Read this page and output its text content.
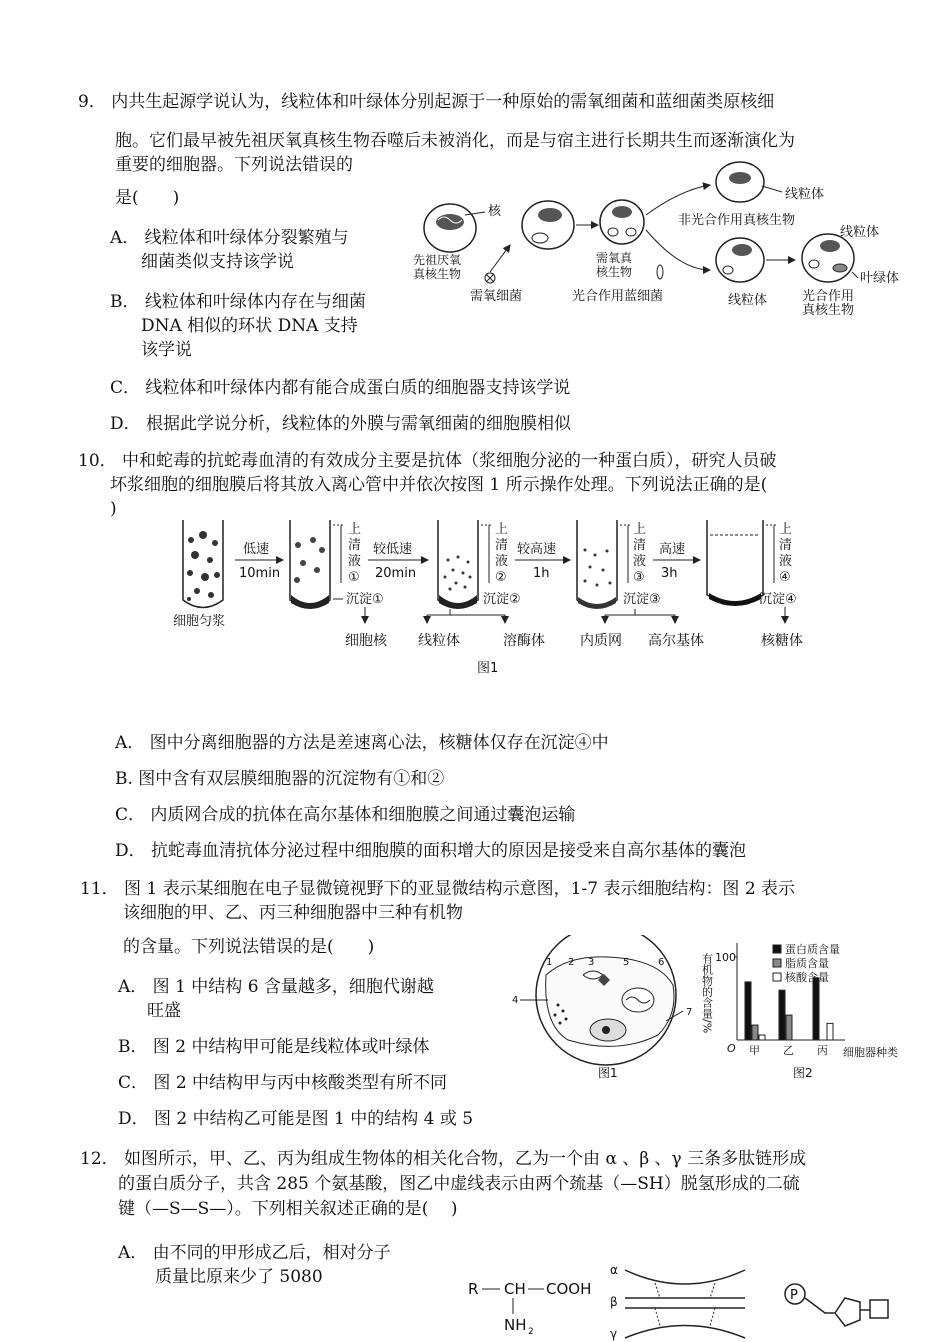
9． 内共生起源学说认为，线粒体和叶绿体分别起源于一种原始的需氧细菌和蓝细菌类原核细
胞。它们最早被先祖厌氧真核生物吞噬后未被消化，而是与宿主进行长期共生而逐渐演化为
重要的细胞器。下列说法错误的
是(　　)
A． 线粒体和叶绿体分裂繁殖与
细菌类似支持该学说
B． 线粒体和叶绿体内存在与细菌
DNA 相似的环状 DNA 支持
该学说
C． 线粒体和叶绿体内都有能合成蛋白质的细胞器支持该学说
D． 根据此学说分析，线粒体的外膜与需氧细菌的细胞膜相似
核
先祖厌氧
真核生物
需氧细菌
需氧真
核生物
线粒体
非光合作用真核生物
光合作用蓝细菌	线粒体
线粒体
叶绿体
光合作用
真核生物
10． 中和蛇毒的抗蛇毒血清的有效成分主要是抗体（浆细胞分泌的一种蛋白质），研究人员破
坏浆细胞的细胞膜后将其放入离心管中并依次按图 1 所示操作处理。下列说法正确的是(
)
细胞匀浆
低速
10min
上
清
液
①
沉淀①
较低速
20min
上
清
液
②
沉淀②
较高速
1h
上
清
液
③
沉淀③
高速
3h
上
清
液
④
沉淀④
细胞核 线粒体	溶酶体	内质网 高尔基体	核糖体
图1
A． 图中分离细胞器的方法是差速离心法，核糖体仅存在沉淀④中
B. 图中含有双层膜细胞器的沉淀物有①和②
C． 内质网合成的抗体在高尔基体和细胞膜之间通过囊泡运输
D． 抗蛇毒血清抗体分泌过程中细胞膜的面积增大的原因是接受来自高尔基体的囊泡
11． 图 1 表示某细胞在电子显微镜视野下的亚显微结构示意图，1-7 表示细胞结构：图 2 表示
该细胞的甲、乙、丙三种细胞器中三种有机物
的含量。下列说法错误的是(　　)
A． 图 1 中结构 6 含量越多，细胞代谢越
旺盛
B． 图 2 中结构甲可能是线粒体或叶绿体
C． 图 2 中结构甲与丙中核酸类型有所不同
D． 图 2 中结构乙可能是图 1 中的结构 4 或 5
1 2 3
4
5	6
7
图1
有机物的含量/% 100
O	细胞器种类
甲 乙 丙
蛋白质含量
脂质含量
核酸含量
图2
12． 如图所示，甲、乙、丙为组成生物体的相关化合物，乙为一个由 α 、β 、γ 三条多肽链形成
的蛋白质分子，共含 285 个氨基酸，图乙中虚线表示由两个巯基（—SH）脱氢形成的二硫
键（—S—S—）。下列相关叙述正确的是(　 )
A． 由不同的甲形成乙后，相对分子
质量比原来少了 5080
R CH COOH
NH 2
α
β
γ
P
